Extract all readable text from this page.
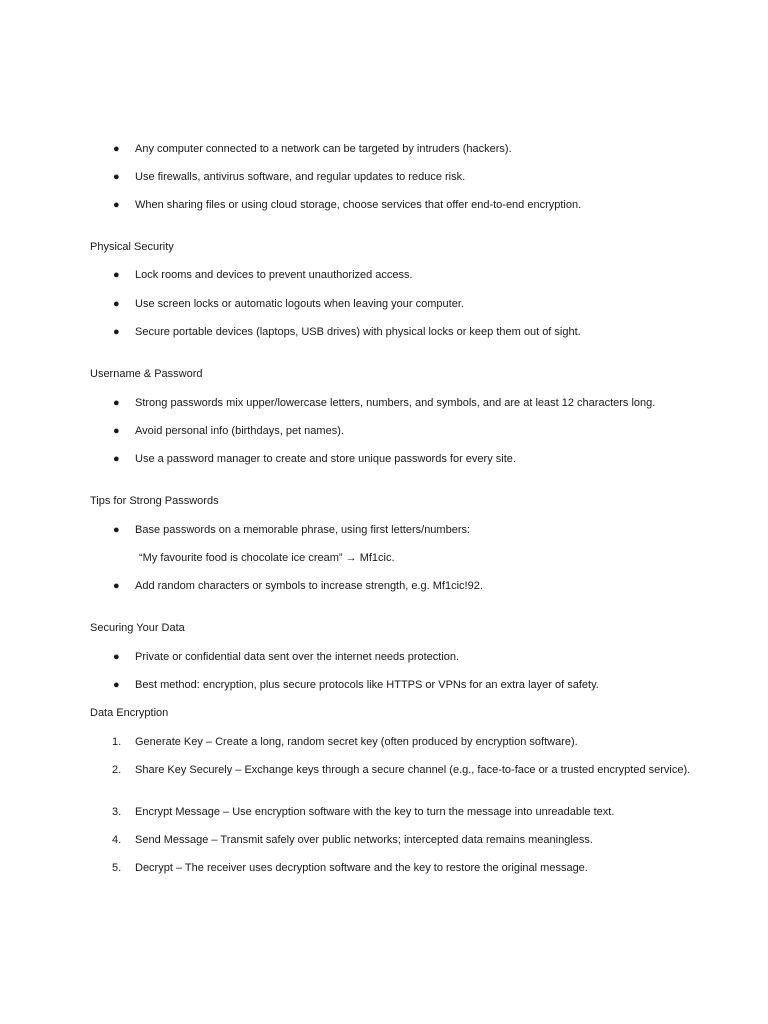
● Any computer connected to a network can be targeted by intruders (hackers).
● Use firewalls, antivirus software, and regular updates to reduce risk.
● When sharing files or using cloud storage, choose services that offer end-to-end encryption.
Physical Security
● Lock rooms and devices to prevent unauthorized access.
● Use screen locks or automatic logouts when leaving your computer.
● Secure portable devices (laptops, USB drives) with physical locks or keep them out of sight.
Username & Password
● Strong passwords mix upper/lowercase letters, numbers, and symbols, and are at least 12 characters long.
● Avoid personal info (birthdays, pet names).
● Use a password manager to create and store unique passwords for every site.
Tips for Strong Passwords
● Base passwords on a memorable phrase, using first letters/numbers:
“My favourite food is chocolate ice cream” → Mf1cic.
● Add random characters or symbols to increase strength, e.g. Mf1cic!92.
Securing Your Data
● Private or confidential data sent over the internet needs protection.
● Best method: encryption, plus secure protocols like HTTPS or VPNs for an extra layer of safety.
Data Encryption
1. Generate Key – Create a long, random secret key (often produced by encryption software).
2. Share Key Securely – Exchange keys through a secure channel (e.g., face-to-face or a trusted encrypted service).
3. Encrypt Message – Use encryption software with the key to turn the message into unreadable text.
4. Send Message – Transmit safely over public networks; intercepted data remains meaningless.
5. Decrypt – The receiver uses decryption software and the key to restore the original message.
